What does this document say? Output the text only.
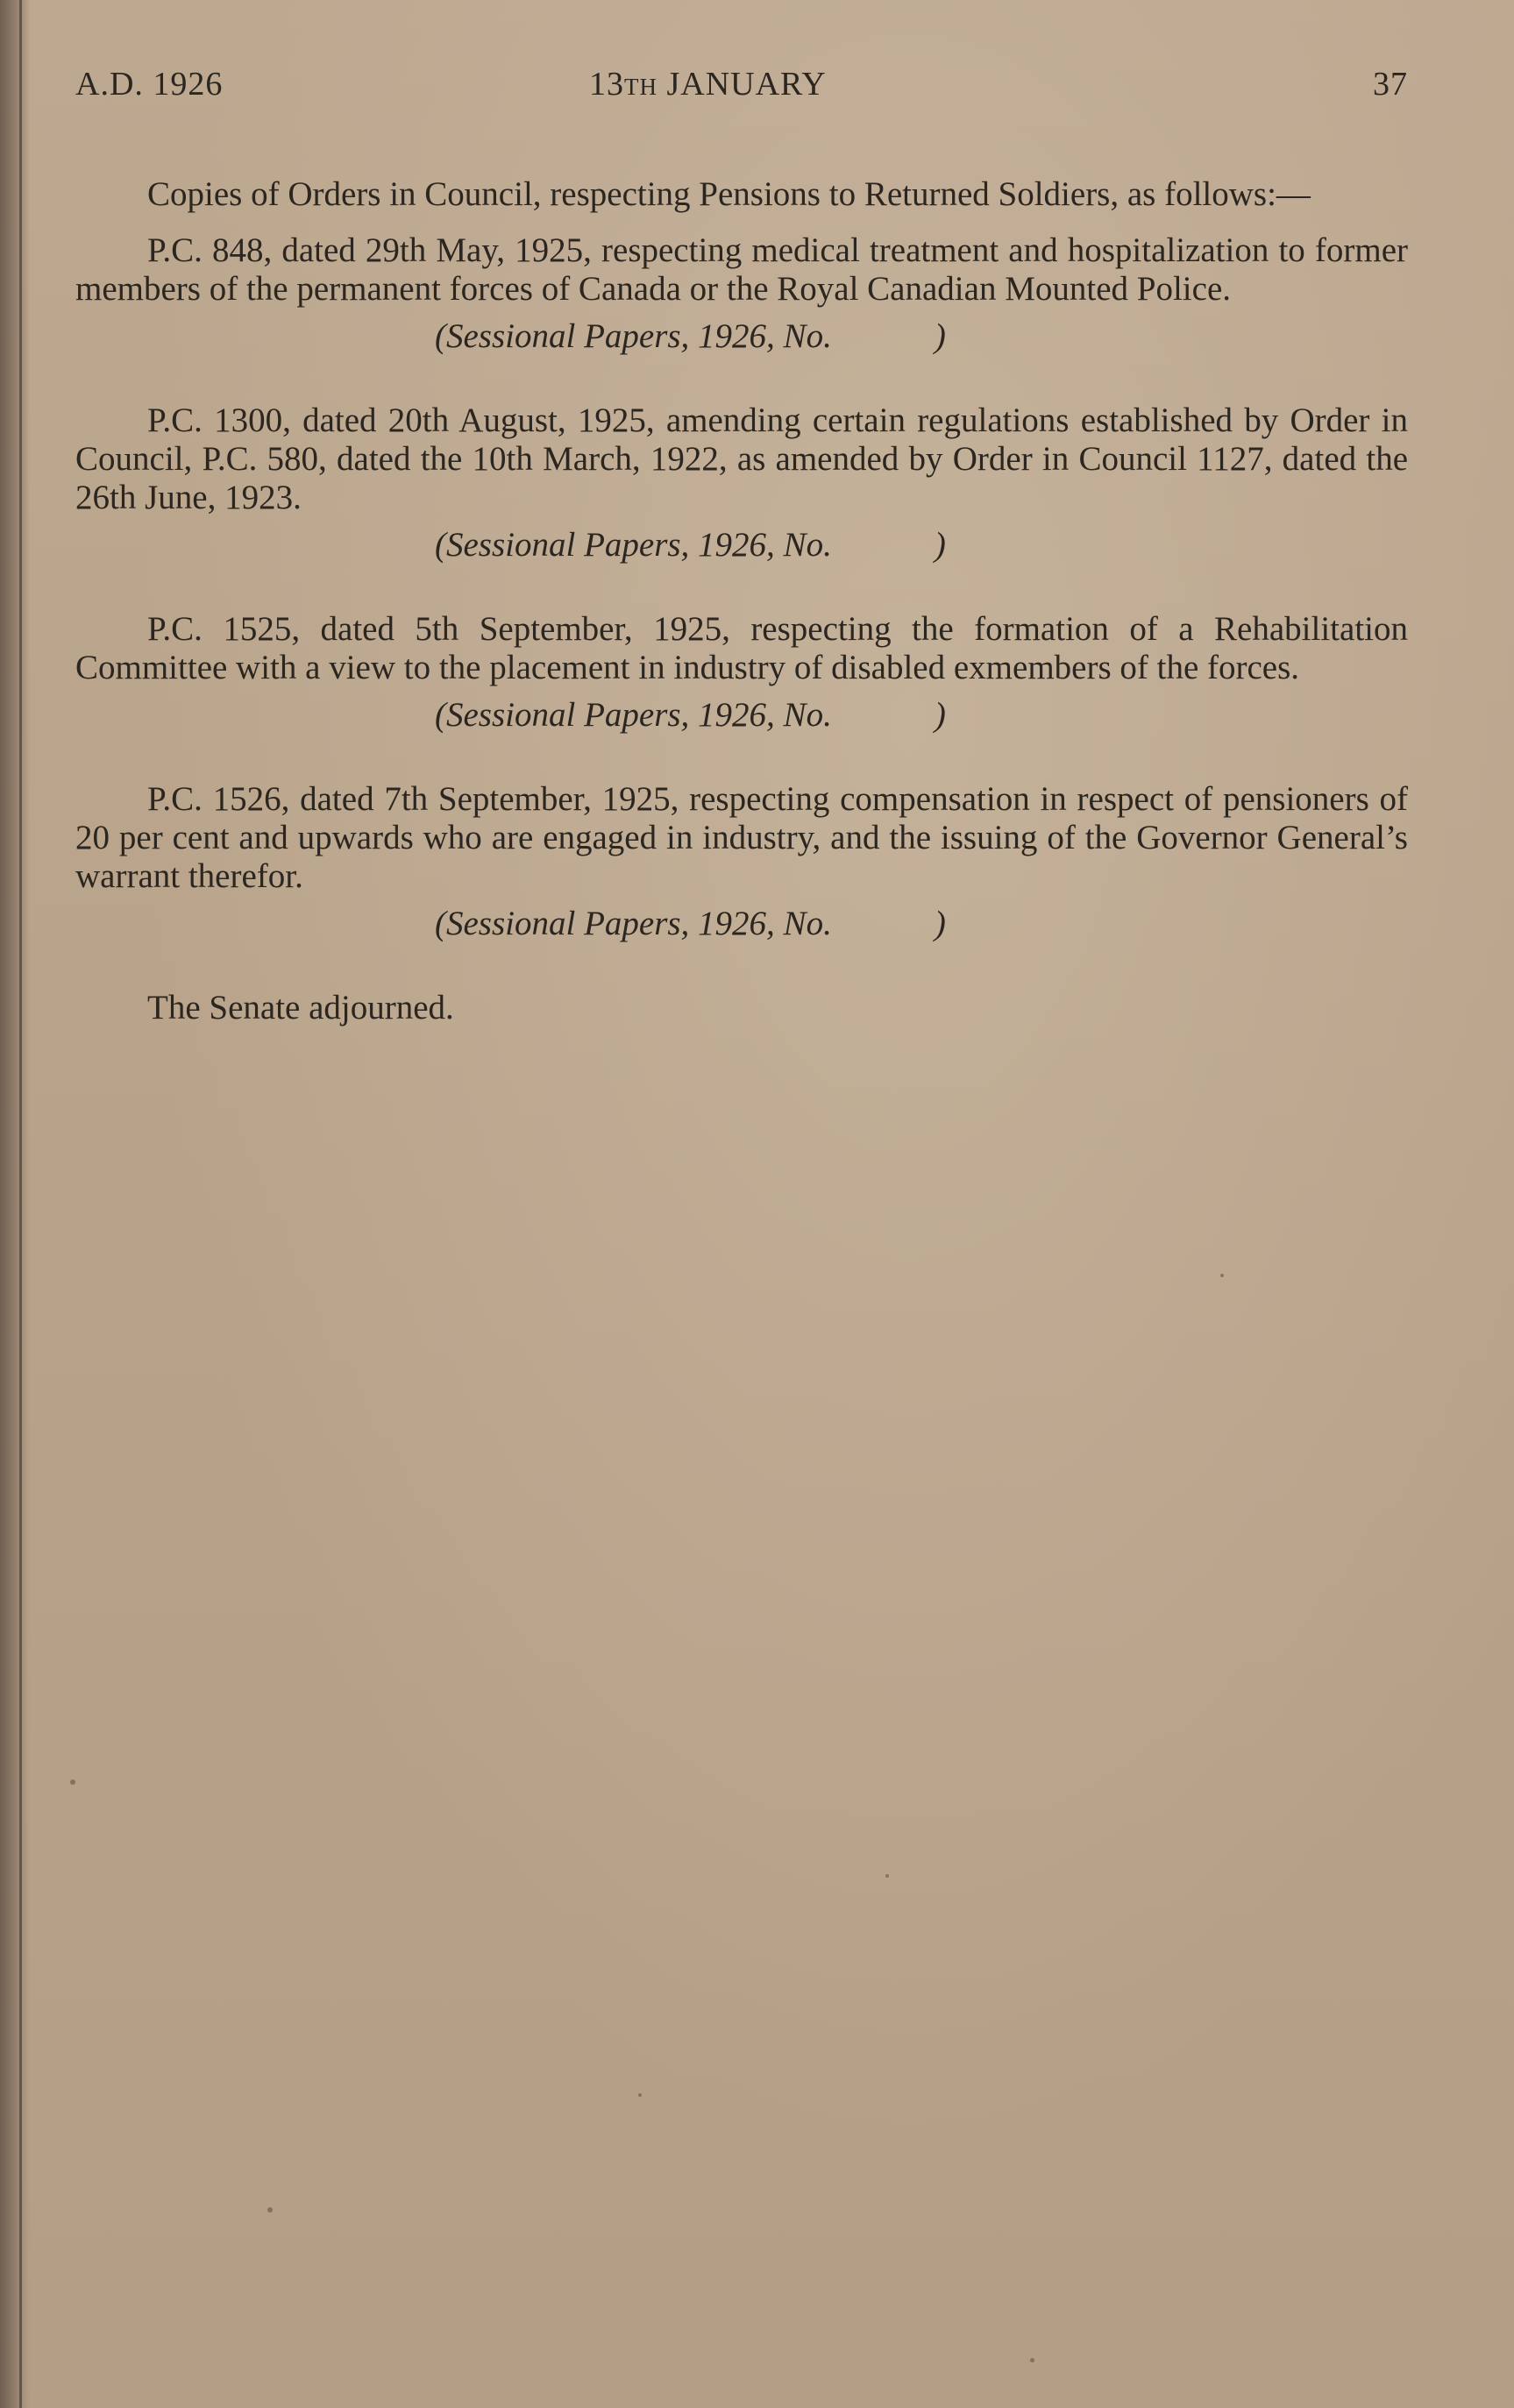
A.D. 1926	13TH JANUARY	37

Copies of Orders in Council, respecting Pensions to Returned Soldiers, as follows:—

P.C. 848, dated 29th May, 1925, respecting medical treatment and hospitalization to former members of the permanent forces of Canada or the Royal Canadian Mounted Police.

(Sessional Papers, 1926, No.            )

P.C. 1300, dated 20th August, 1925, amending certain regulations established by Order in Council, P.C. 580, dated the 10th March, 1922, as amended by Order in Council 1127, dated the 26th June, 1923.

(Sessional Papers, 1926, No.            )

P.C. 1525, dated 5th September, 1925, respecting the formation of a Rehabilitation Committee with a view to the placement in industry of disabled exmembers of the forces.

(Sessional Papers, 1926, No.            )

P.C. 1526, dated 7th September, 1925, respecting compensation in respect of pensioners of 20 per cent and upwards who are engaged in industry, and the issuing of the Governor General’s warrant therefor.

(Sessional Papers, 1926, No.            )

The Senate adjourned.
